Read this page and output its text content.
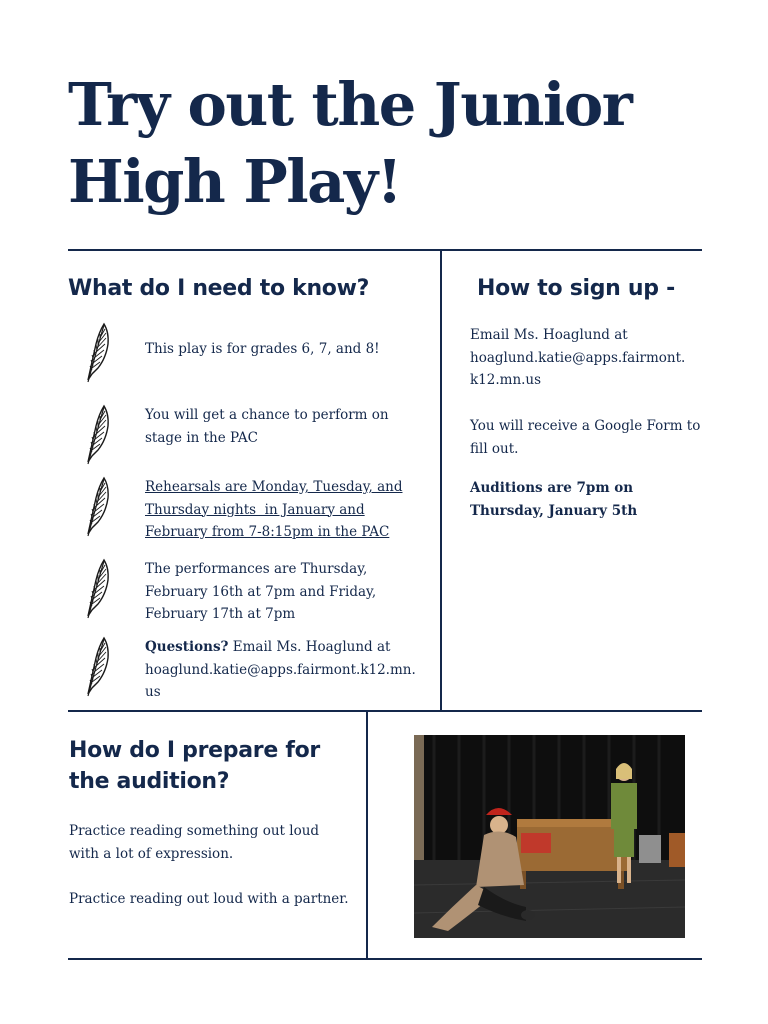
Try out the Junior
High Play!
What do I need to know?
This play is for grades 6, 7, and 8!
You will get a chance to perform on
stage in the PAC
Rehearsals are Monday, Tuesday, and
Thursday nights  in January and
February from 7-8:15pm in the PAC
The performances are Thursday,
February 16th at 7pm and Friday,
February 17th at 7pm
Questions? Email Ms. Hoaglund at
hoaglund.katie@apps.fairmont.k12.mn.
us
How to sign up -
Email Ms. Hoaglund at
hoaglund.katie@apps.fairmont.
k12.mn.us
You will receive a Google Form to
fill out.
Auditions are 7pm on
Thursday, January 5th
How do I prepare for
the audition?
Practice reading something out loud
with a lot of expression.
Practice reading out loud with a partner.
